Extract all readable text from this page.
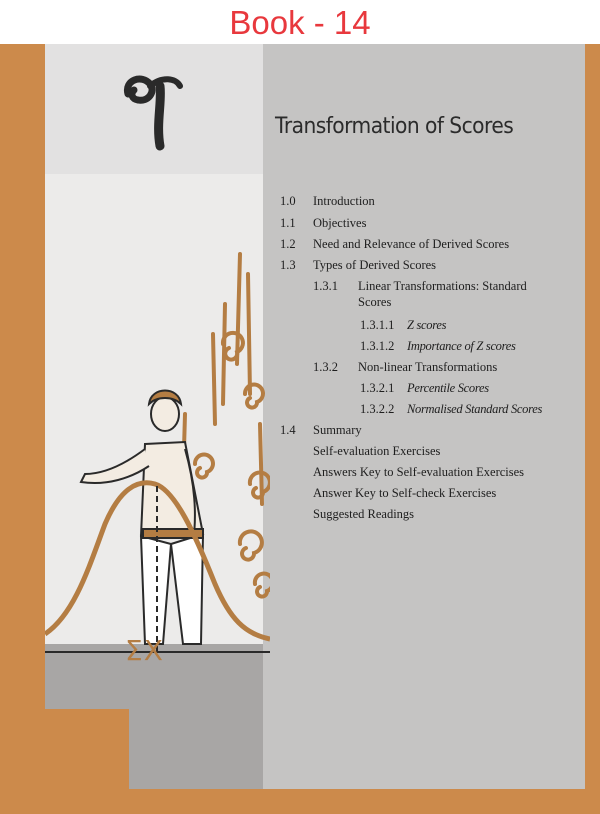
Book - 14
ΣX
Transformation of Scores
1.0 Introduction
1.1 Objectives
1.2 Need and Relevance of Derived Scores
1.3 Types of Derived Scores
1.3.1 Linear Transformations: Standard
Scores
1.3.1.1 Z scores
1.3.1.2 Importance of Z scores
1.3.2 Non-linear Transformations
1.3.2.1 Percentile Scores
1.3.2.2 Normalised Standard Scores
1.4 Summary
Self-evaluation Exercises
Answers Key to Self-evaluation Exercises
Answer Key to Self-check Exercises
Suggested Readings
